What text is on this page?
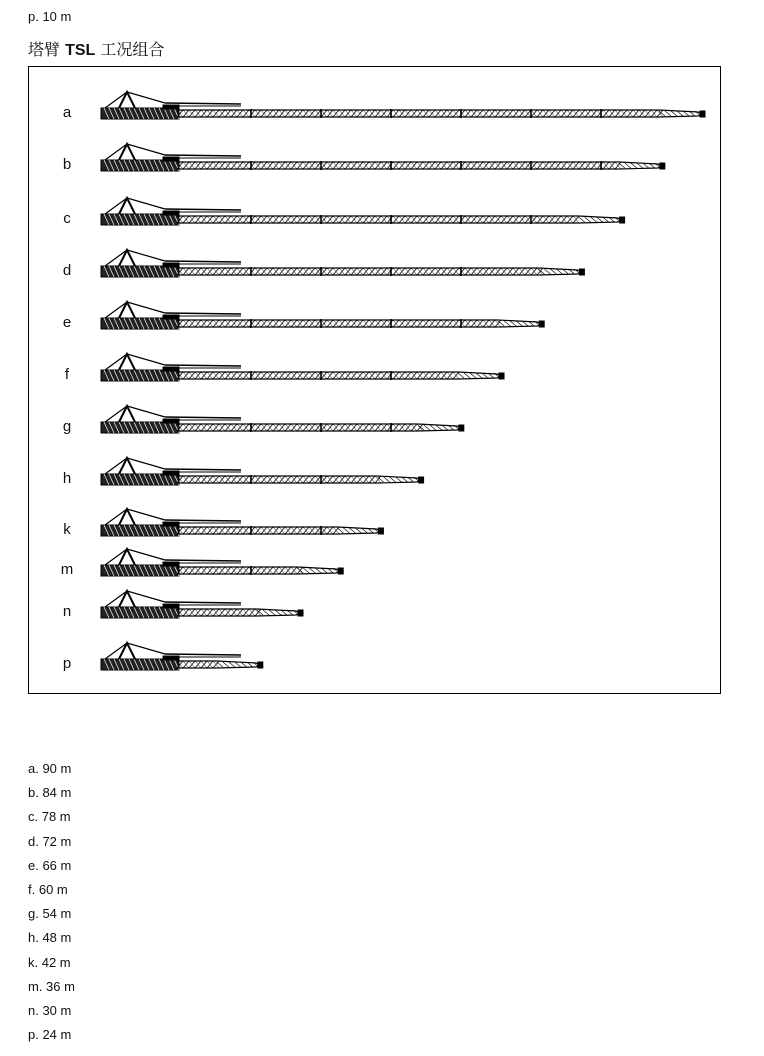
p. 10 m
塔臂 TSL 工况组合
a
b
c
d
e
f
g
h
k
m
n
p
a. 90 m
b. 84 m
c. 78 m
d. 72 m
e. 66 m
f. 60 m
g. 54 m
h. 48 m
k. 42 m
m. 36 m
n. 30 m
p. 24 m
